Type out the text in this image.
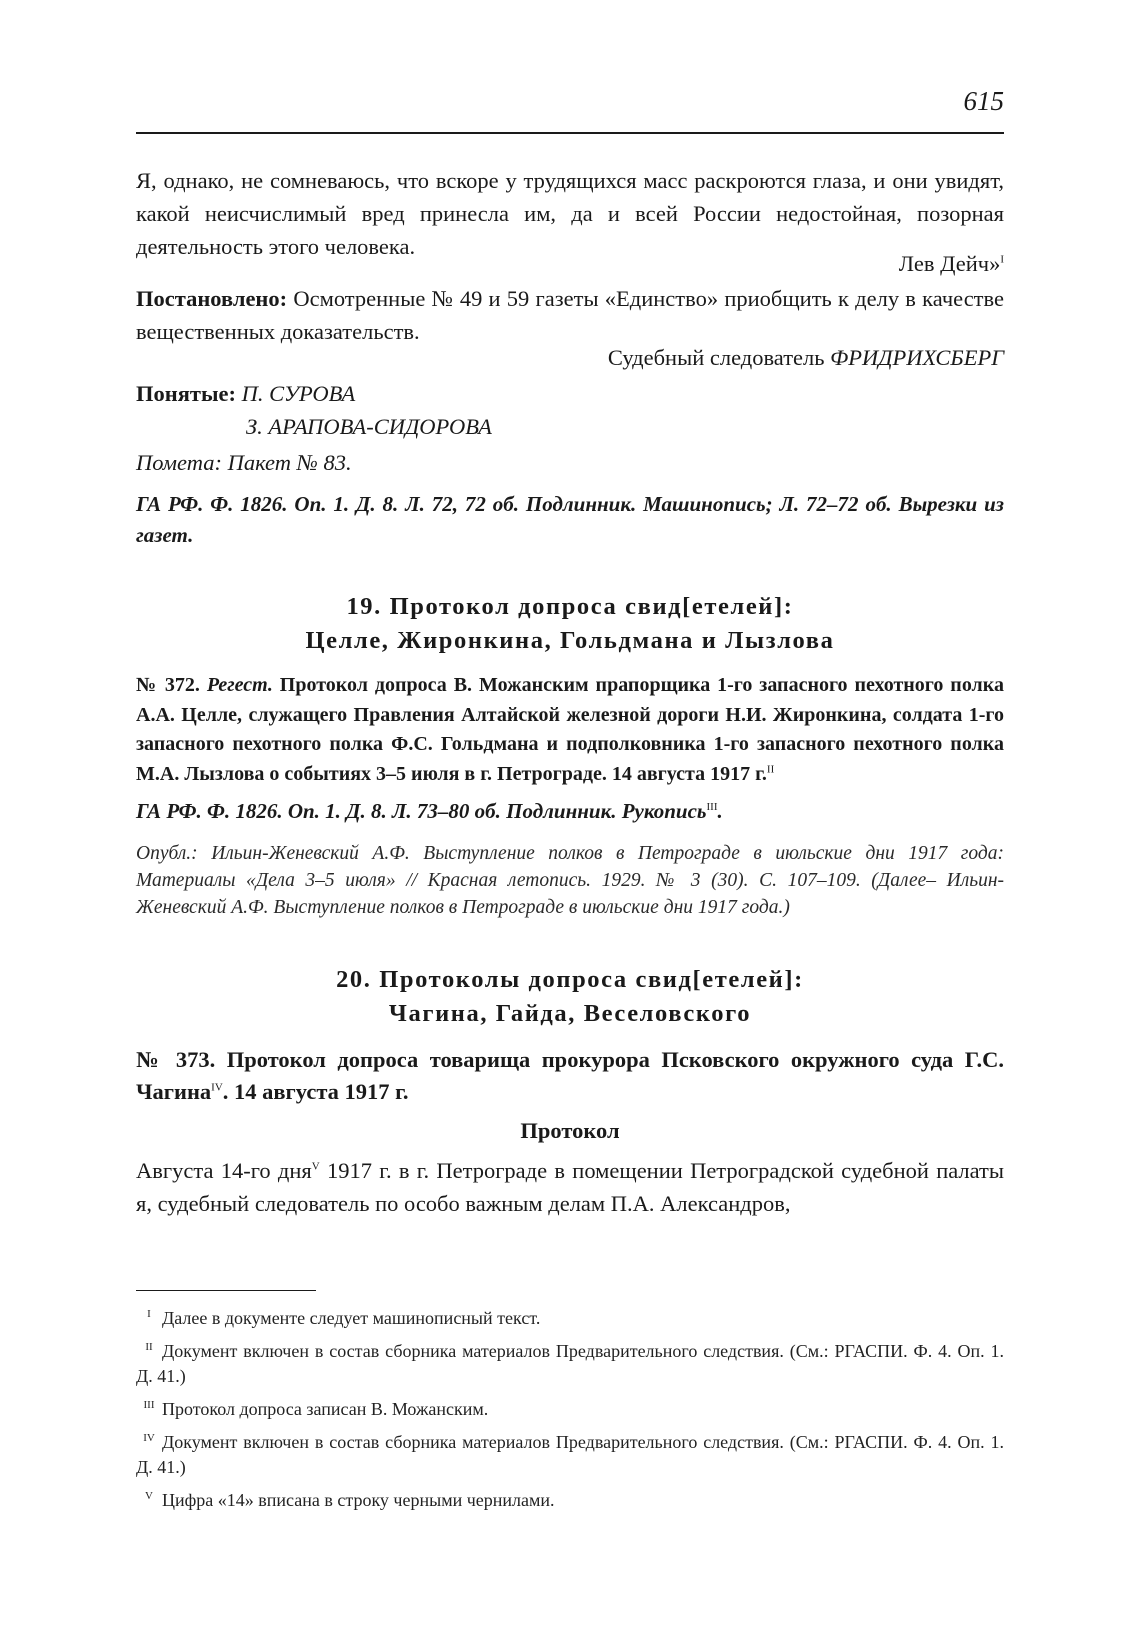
615
Я, однако, не сомневаюсь, что вскоре у трудящихся масс раскроются глаза, и они увидят, какой неисчислимый вред принесла им, да и всей России недостойная, позорная деятельность этого человека.
Лев Дейч»$^I$
Постановлено: Осмотренные № 49 и 59 газеты «Единство» приобщить к делу в качестве вещественных доказательств.
Судебный следователь ФРИДРИХСБЕРГ
Понятые: П. СУРОВА
З. АРАПОВА-СИДОРОВА
Помета: Пакет № 83.
ГА РФ. Ф. 1826. Оп. 1. Д. 8. Л. 72, 72 об. Подлинник. Машинопись; Л. 72–72 об. Вырезки из газет.
19. Протокол допроса свид[етелей]:
Целле, Жиронкина, Гольдмана и Лызлова
№ 372. Регест. Протокол допроса В. Можанским прапорщика 1-го запасного пехотного полка А.А. Целле, служащего Правления Алтайской железной дороги Н.И. Жиронкина, солдата 1-го запасного пехотного полка Ф.С. Гольдмана и подполковника 1-го запасного пехотного полка М.А. Лызлова о событиях 3–5 июля в г. Петрограде. 14 августа 1917 г.$^{II}$
ГА РФ. Ф. 1826. Оп. 1. Д. 8. Л. 73–80 об. Подлинник. Рукопись$^{III}$.
Опубл.: Ильин-Женевский А.Ф. Выступление полков в Петрограде в июльские дни 1917 года: Материалы «Дела 3–5 июля» // Красная летопись. 1929. № 3 (30). С. 107–109. (Далее– Ильин-Женевский А.Ф. Выступление полков в Петрограде в июльские дни 1917 года.)
20. Протоколы допроса свид[етелей]:
Чагина, Гайда, Веселовского
№ 373. Протокол допроса товарища прокурора Псковского окружного суда Г.С. Чагина$^{IV}$. 14 августа 1917 г.
Протокол
Августа 14-го дня$^V$ 1917 г. в г. Петрограде в помещении Петроградской судебной палаты я, судебный следователь по особо важным делам П.А. Александров,
I Далее в документе следует машинописный текст.
II Документ включен в состав сборника материалов Предварительного следствия. (См.: РГАСПИ. Ф. 4. Оп. 1. Д. 41.)
III Протокол допроса записан В. Можанским.
IV Документ включен в состав сборника материалов Предварительного следствия. (См.: РГАСПИ. Ф. 4. Оп. 1. Д. 41.)
V Цифра «14» вписана в строку черными чернилами.
